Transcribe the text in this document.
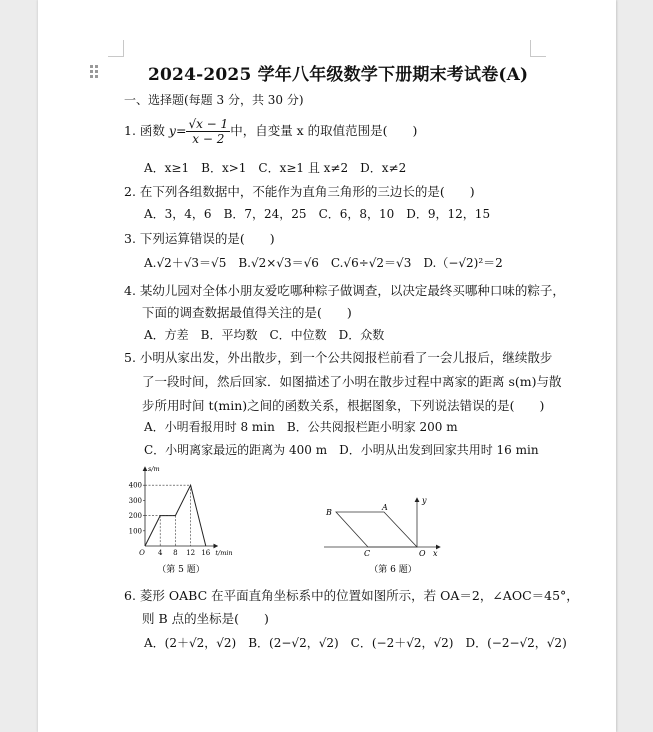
2024-2025 学年八年级数学下册期末考试卷(A)
一、选择题(每题 3 分，共 30 分)
1. 函数 $y= \frac{√x - 1}{x - 2}$ 中，自变量 x 的取值范围是(　　)
A．x≥1　B．x>1　C．x≥1 且 x≠2　D．x≠2
2. 在下列各组数据中，不能作为直角三角形的三边长的是(　　)
A．3，4，6　B．7，24，25　C．6，8，10　D．9，12，15
3. 下列运算错误的是(　　)
A.√2＋√3＝√5　B.√2×√3＝√6　C.√6÷√2＝√3　D.（−√2)²＝2
4. 某幼儿园对全体小朋友爱吃哪种粽子做调查，以决定最终买哪种口味的粽子，
下面的调查数据最值得关注的是(　　)
A．方差　B．平均数　C．中位数　D．众数
5. 小明从家出发，外出散步，到一个公共阅报栏前看了一会儿报后，继续散步
了一段时间，然后回家．如图描述了小明在散步过程中离家的距离 s(m)与散
步所用时间 t(min)之间的函数关系，根据图象，下列说法错误的是(　　)
A．小明看报用时 8 min　B．公共阅报栏距小明家 200 m
C．小明离家最远的距离为 400 m　D．小明从出发到回家共用时 16 min
100
200
300
400
4 8 12 16
O	t/min
s/m
（第 5 题）
B
A
C	O x
y
（第 6 题）
6. 菱形 OABC 在平面直角坐标系中的位置如图所示，若 OA＝2，∠AOC＝45°，
则 B 点的坐标是(　　)
A．(2＋√2，√2)　B．(2−√2，√2)　C．(−2＋√2，√2)　D．(−2−√2，√2)
